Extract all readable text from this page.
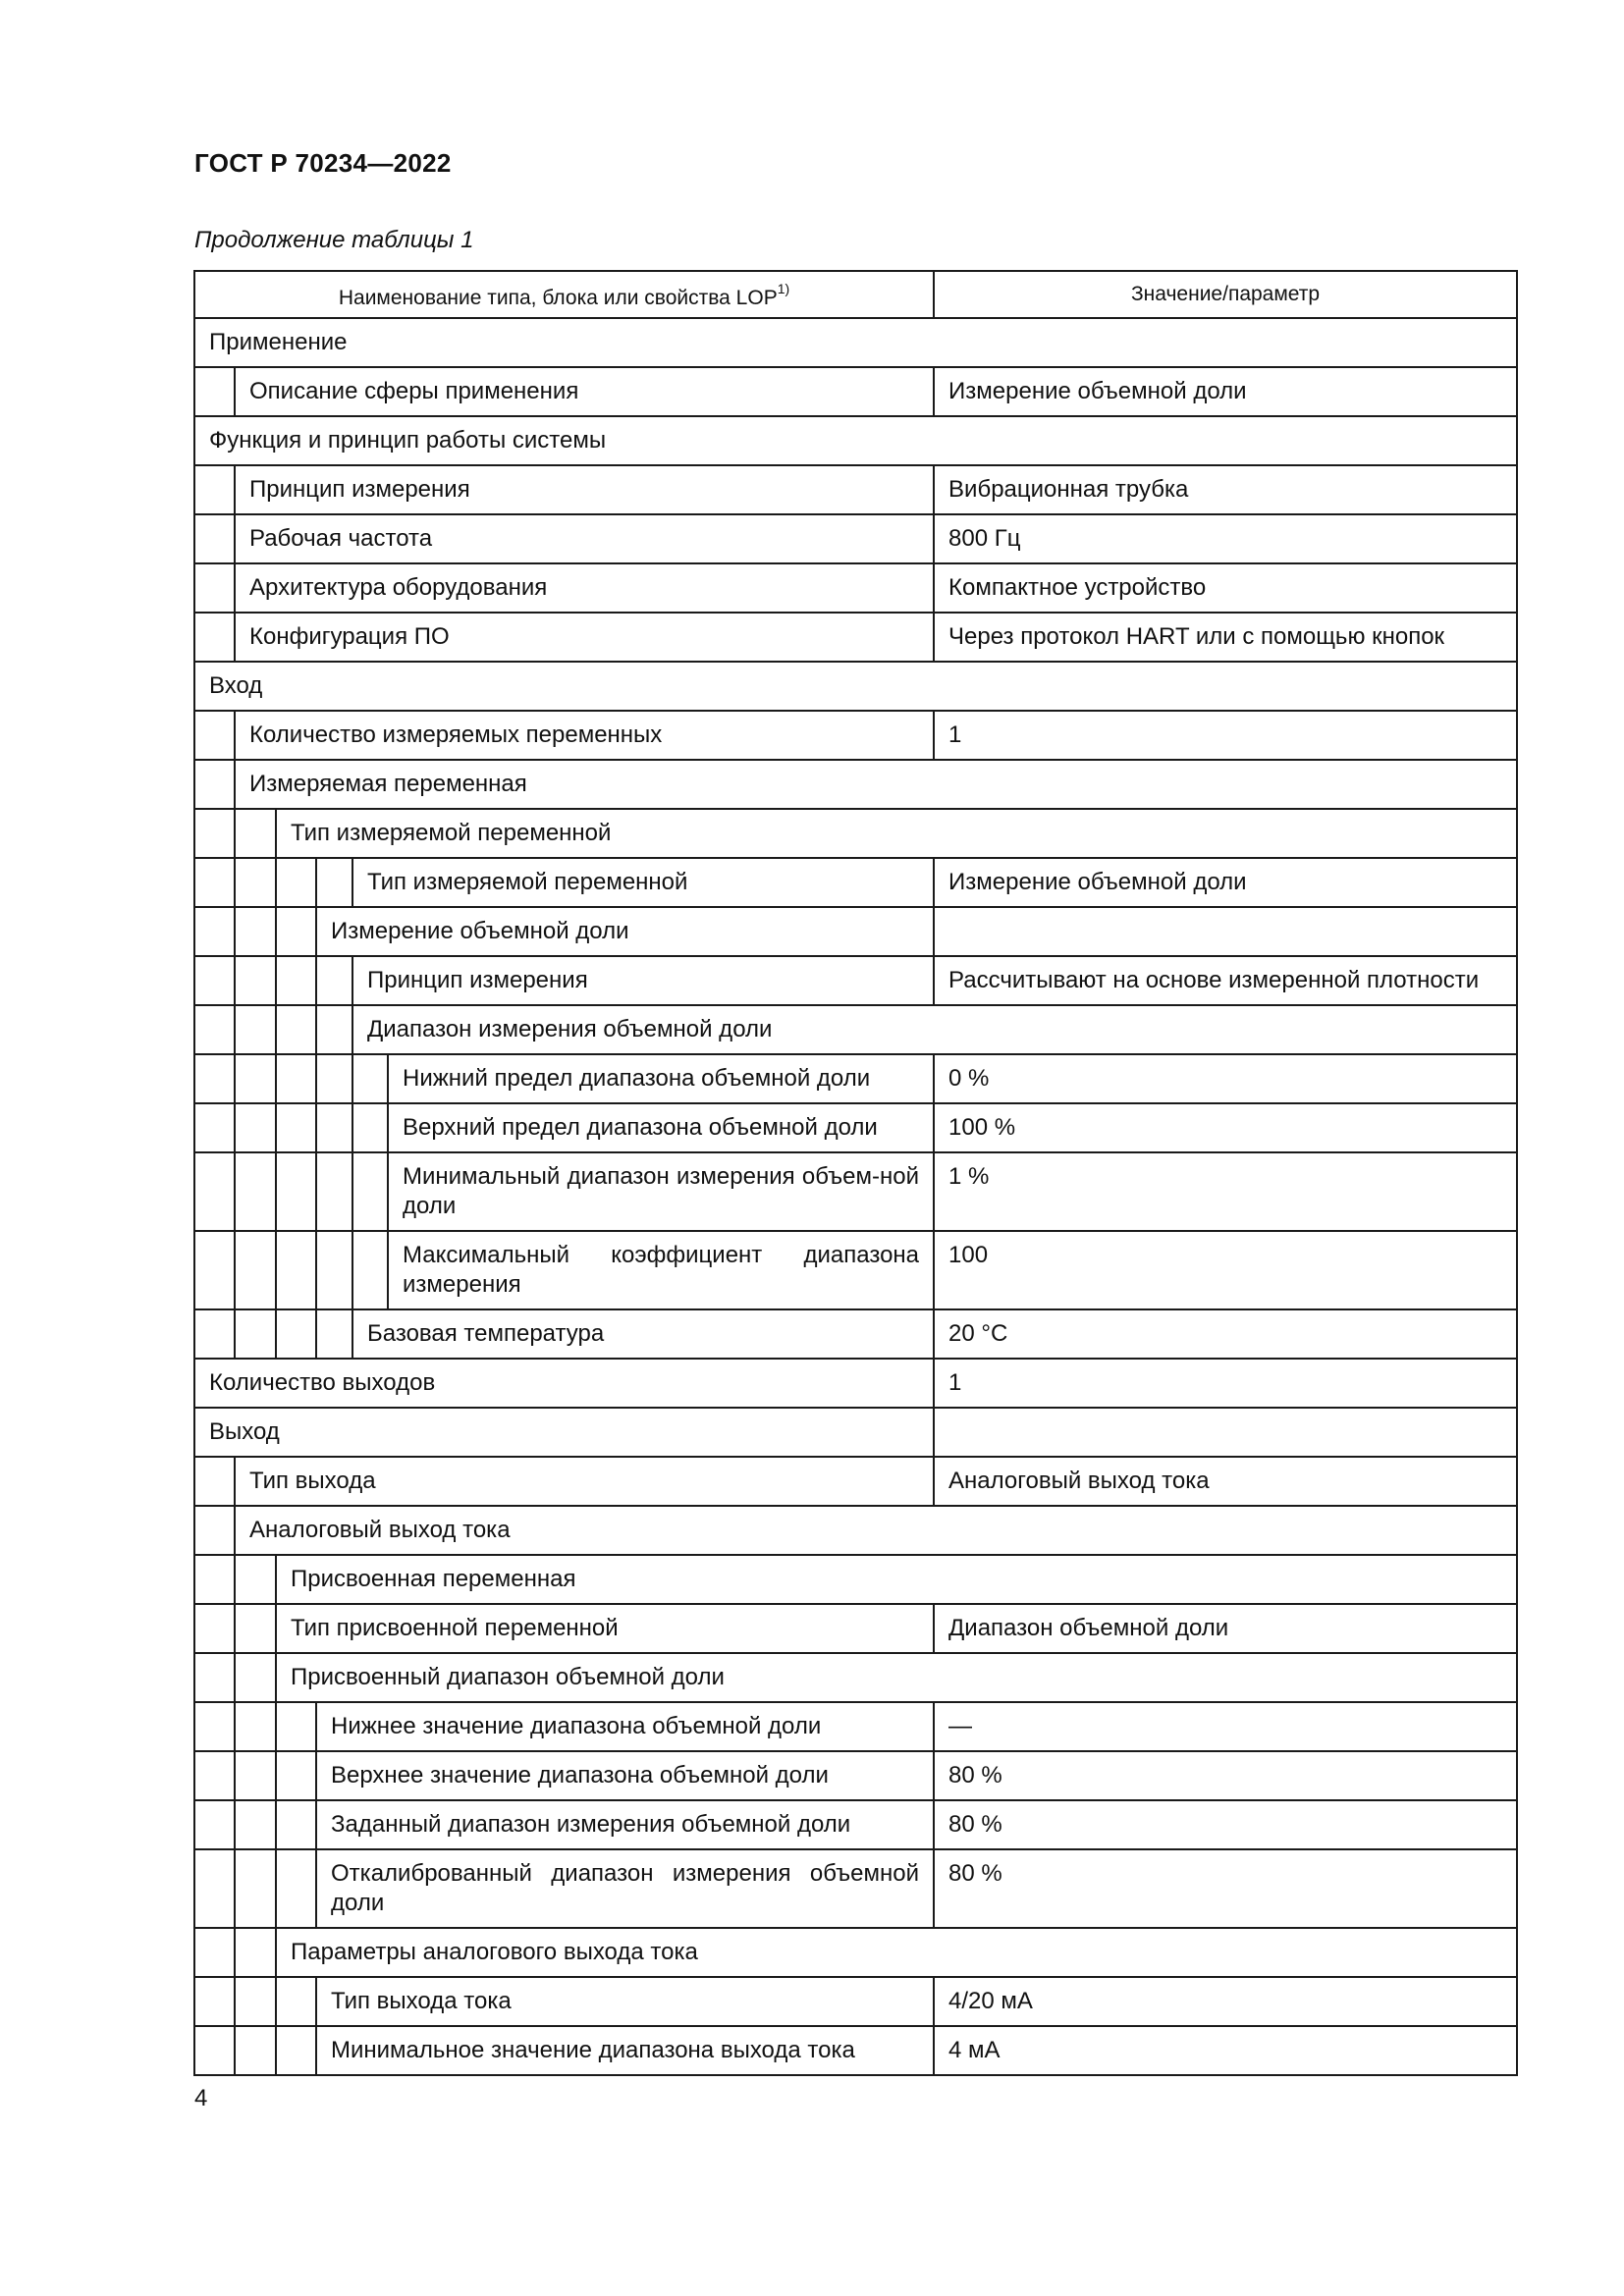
ГОСТ Р 70234—2022
Продолжение таблицы 1
Наименование типа, блока или свойства LOP$^{1)}$						Значение/параметр
Применение						
	Описание сферы применения					Измерение объемной доли
Функция и принцип работы системы						
	Принцип измерения					Вибрационная трубка
	Рабочая частота					800 Гц
	Архитектура оборудования					Компактное устройство
	Конфигурация ПО					Через протокол HART или с помощью кнопок
Вход						
	Количество измеряемых переменных					1
	Измеряемая переменная					
		Тип измеряемой переменной				
				Тип измеряемой переменной		Измерение объемной доли
			Измерение объемной доли			
				Принцип измерения		Рассчитывают на основе измеренной плотности
				Диапазон измерения объемной доли		
					Нижний предел диапазона объемной доли	0 %
					Верхний предел диапазона объемной доли	100 %
					Минимальный диапазон измерения объем-ной доли	1 %
					Максимальный коэффициент диапазона измерения	100
				Базовая температура		20 °C
Количество выходов						1
Выход						
	Тип выхода					Аналоговый выход тока
	Аналоговый выход тока					
		Присвоенная переменная				
		Тип присвоенной переменной				Диапазон объемной доли
		Присвоенный диапазон объемной доли				
			Нижнее значение диапазона объемной доли			—
			Верхнее значение диапазона объемной доли			80 %
			Заданный диапазон измерения объемной доли			80 %
			Откалиброванный диапазон измерения объемной доли			80 %
		Параметры аналогового выхода тока				
			Тип выхода тока			4/20 мА
			Минимальное значение диапазона выхода тока			4 мА
4
